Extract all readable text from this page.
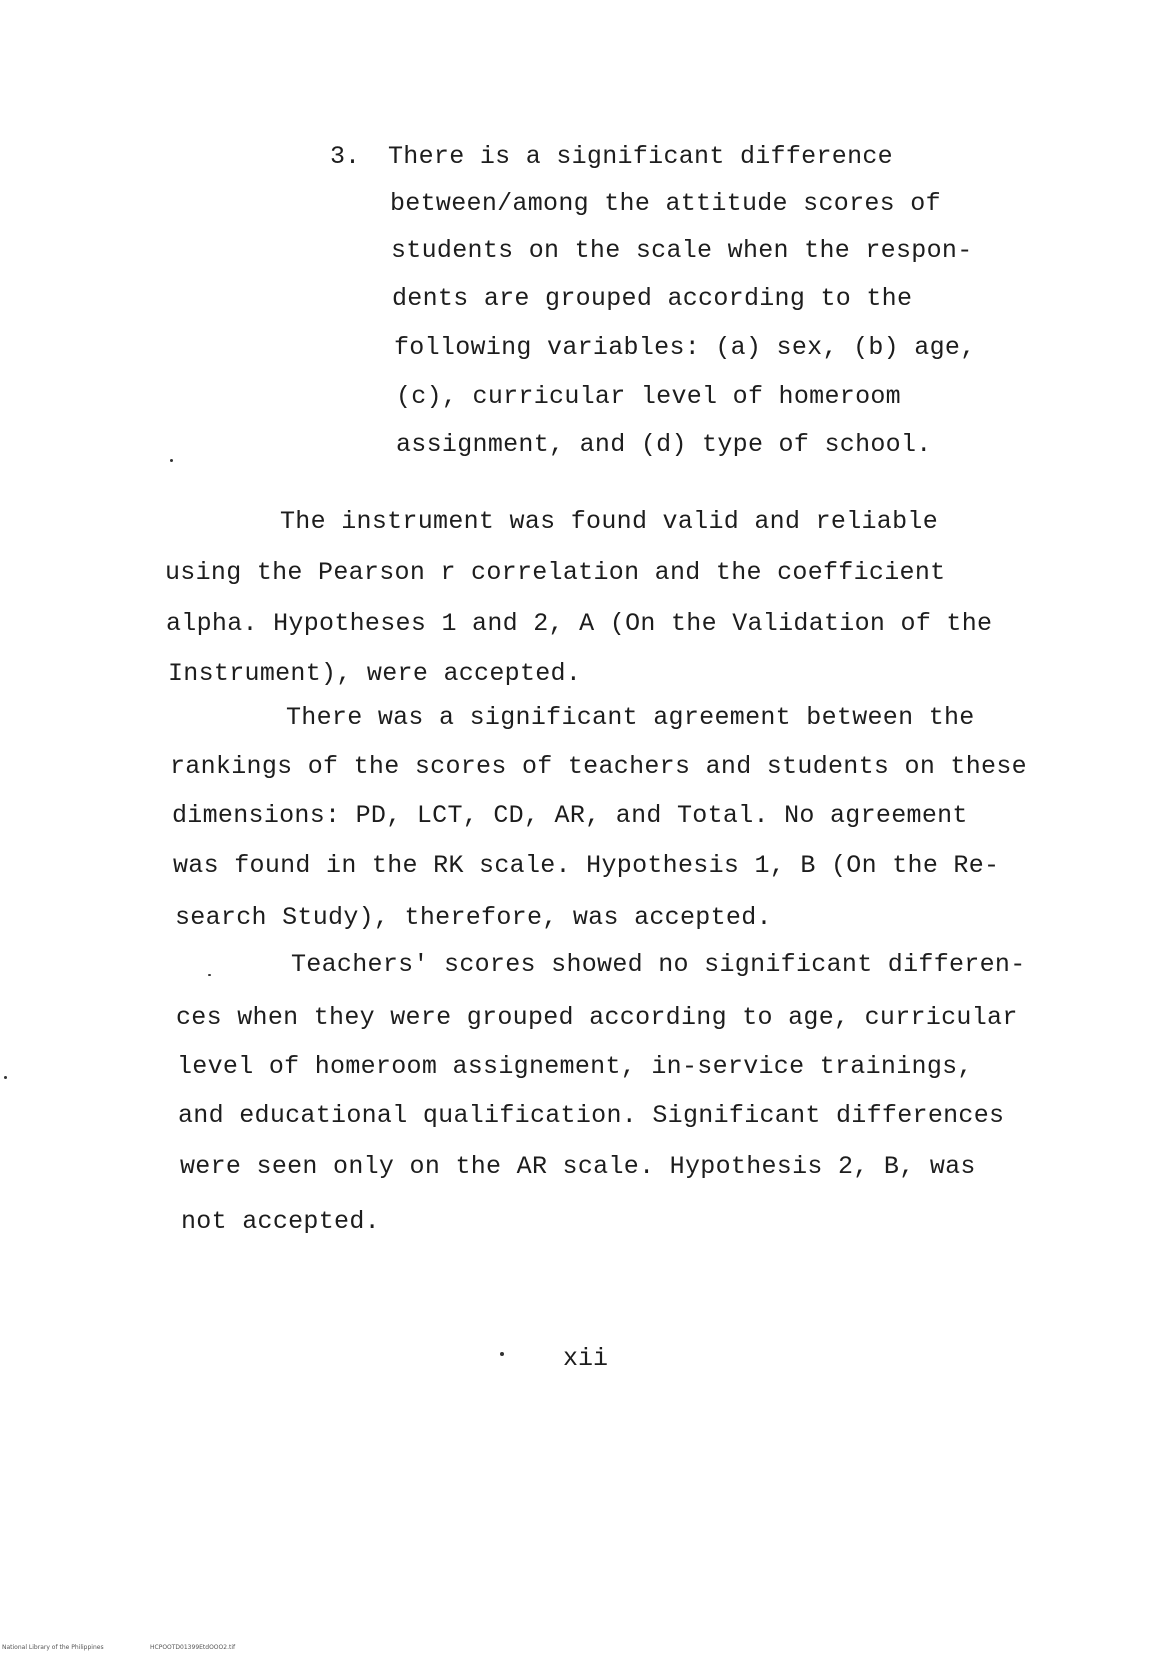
3. There is a significant difference
between/among the attitude scores of
students on the scale when the respon-
dents are grouped according to the
following variables: (a) sex, (b) age,
(c), curricular level of homeroom
assignment, and (d) type of school.
The instrument was found valid and reliable
using the Pearson r correlation and the coefficient
alpha. Hypotheses 1 and 2, A (On the Validation of the
Instrument), were accepted.
There was a significant agreement between the
rankings of the scores of teachers and students on these
dimensions: PD, LCT, CD, AR, and Total. No agreement
was found in the RK scale. Hypothesis 1, B (On the Re-
search Study), therefore, was accepted.
Teachers' scores showed no significant differen-
ces when they were grouped according to age, curricular
level of homeroom assignement, in-service trainings,
and educational qualification. Significant differences
were seen only on the AR scale. Hypothesis 2, B, was
not accepted.
xii
National Library of the Philippines	HCPOOTD01399EtdOOO2.tif
